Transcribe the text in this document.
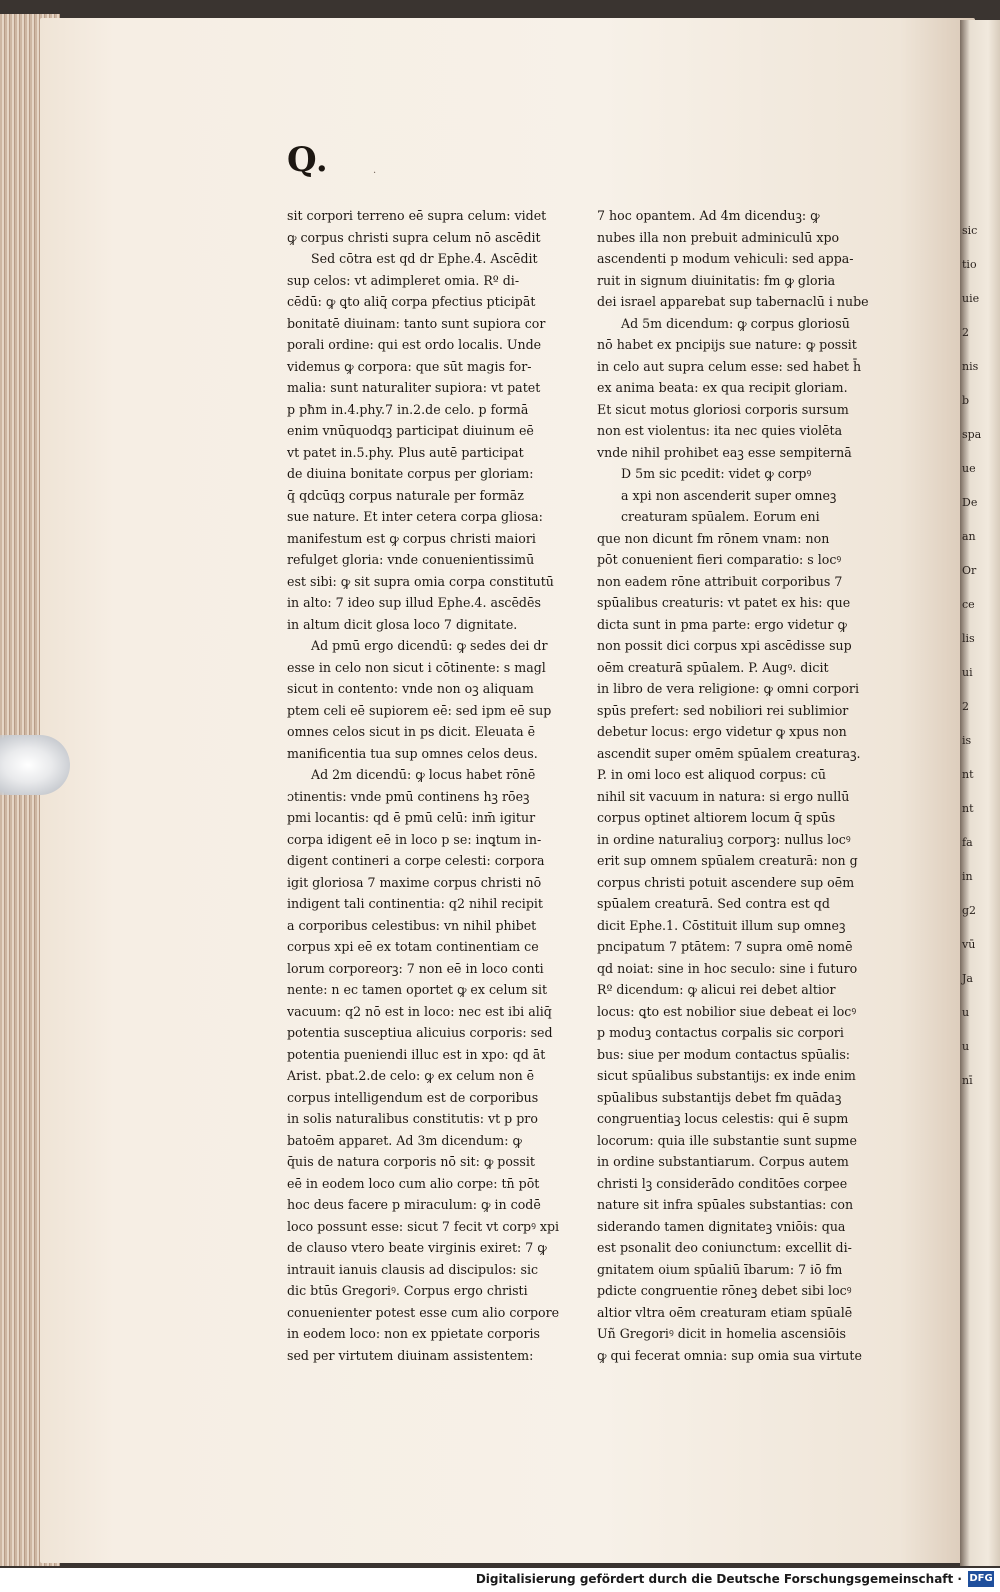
sic
tio
uie
2
nis
b
spa
ue
De
an
Or
ce
lis
ui
2
is
nt
nt
fa
in
g2
vū
Ja
u
u
nī
Q.	·
sit corpori terreno eē supra celum: videt
ꝙ corpus christi supra celum nō ascēdit
Sed cōtra est qd dr Ephe.4. Ascēdit
sup celos: vt adimpleret omia. Rº di-
cēdū: ꝙ ꝗto aliq̄ corpa pfectius pticipāt
bonitatē diuinam: tanto sunt supiora cor
porali ordine: qui est ordo localis. Unde
videmus ꝙ corpora: que sūt magis for-
malia: sunt naturaliter supiora: vt patet
p pħm in.4.phy.7 in.2.de celo. p formā
enim vnūquodqꝫ participat diuinum eē
vt patet in.5.phy. Plus autē participat
de diuina bonitate corpus per gloriam:
q̄ qdcūqꝫ corpus naturale per formāz
sue nature. Et inter cetera corpa gliosa:
manifestum est ꝙ corpus christi maiori
refulget gloria: vnde conuenientissimū
est sibi: ꝙ sit supra omia corpa constitutū
in alto: 7 ideo sup illud Ephe.4. ascēdēs
in altum dicit glosa loco 7 dignitate.
Ad pmū ergo dicendū: ꝙ sedes dei dr
esse in celo non sicut i cōtinente: s magl
sicut in contento: vnde non oꝫ aliquam
ptem celi eē supiorem eē: sed ipm eē sup
omnes celos sicut in ps dicit. Eleuata ē
manificentia tua sup omnes celos deus.
Ad 2m dicendū: ꝙ locus habet rōnē
ɔtinentis: vnde pmū continens hꝫ rōeꝫ
pmi locantis: qd ē pmū celū: inm̄ igitur
corpa idigent eē in loco p se: inꝗtum in-
digent contineri a corpe celesti: corpora
igit gloriosa 7 maxime corpus christi nō
indigent tali continentia: q2 nihil recipit
a corporibus celestibus: vn nihil phibet
corpus xpi eē ex totam continentiam ce
lorum corporeorꝫ: 7 non eē in loco conti
nente: n ec tamen oportet ꝙ ex celum sit
vacuum: q2 nō est in loco: nec est ibi aliq̄
potentia susceptiua alicuius corporis: sed
potentia pueniendi illuc est in xpo: qd āt
Arist. pbat.2.de celo: ꝙ ex celum non ē
corpus intelligendum est de corporibus
in solis naturalibus constitutis: vt p pro
batoēm apparet. Ad 3m dicendum: ꝙ
q̄uis de natura corporis nō sit: ꝙ possit
eē in eodem loco cum alio corpe: tn̄ pōt
hoc deus facere p miraculum: ꝙ in codē
loco possunt esse: sicut 7 fecit vt corpꝰ xpi
de clauso vtero beate virginis exiret: 7 ꝙ
intrauit ianuis clausis ad discipulos: sic
dic btūs Gregoriꝰ. Corpus ergo christi
conuenienter potest esse cum alio corpore
in eodem loco: non ex ppietate corporis
sed per virtutem diuinam assistentem:
7 hoc opantem. Ad 4m dicenduꝫ: ꝙ
nubes illa non prebuit adminiculū xpo
ascendenti p modum vehiculi: sed appa-
ruit in signum diuinitatis: fm ꝙ gloria
dei israel apparebat sup tabernaclū i nube
Ad 5m dicendum: ꝙ corpus gloriosū
nō habet ex pncipijs sue nature: ꝙ possit
in celo aut supra celum esse: sed habet h̄
ex anima beata: ex qua recipit gloriam.
Et sicut motus gloriosi corporis sursum
non est violentus: ita nec quies violēta
vnde nihil prohibet eaꝫ esse sempiternā
D 5m sic pcedit: videt ꝙ corpꝰ
a xpi non ascenderit super omneꝫ
creaturam spūalem. Eorum eni
que non dicunt fm rōnem vnam: non
pōt conuenient fieri comparatio: s locꝰ
non eadem rōne attribuit corporibus 7
spūalibus creaturis: vt patet ex his: que
dicta sunt in pma parte: ergo videtur ꝙ
non possit dici corpus xpi ascēdisse sup
oēm creaturā spūalem. P. Augꝰ. dicit
in libro de vera religione: ꝙ omni corpori
spūs prefert: sed nobiliori rei sublimior
debetur locus: ergo videtur ꝙ xpus non
ascendit super omēm spūalem creaturaꝫ.
P. in omi loco est aliquod corpus: cū
nihil sit vacuum in natura: si ergo nullū
corpus optinet altiorem locum q̄ spūs
in ordine naturaliuꝫ corporꝫ: nullus locꝰ
erit sup omnem spūalem creaturā: non g
corpus christi potuit ascendere sup oēm
spūalem creaturā. Sed contra est qd
dicit Ephe.1. Cōstituit illum sup omneꝫ
pncipatum 7 ptātem: 7 supra omē nomē
qd noiat: sine in hoc seculo: sine i futuro
Rº dicendum: ꝙ alicui rei debet altior
locus: ꝗto est nobilior siue debeat ei locꝰ
p moduꝫ contactus corpalis sic corpori
bus: siue per modum contactus spūalis:
sicut spūalibus substantijs: ex inde enim
spūalibus substantijs debet fm quādaꝫ
congruentiaꝫ locus celestis: qui ē supm
locorum: quia ille substantie sunt supme
in ordine substantiarum. Corpus autem
christi lꝫ considerādo conditōes corpee
nature sit infra spūales substantias: con
siderando tamen dignitateꝫ vniōis: qua
est psonalit deo coniunctum: excellit di-
gnitatem oium spūaliū ībarum: 7 iō fm
pdicte congruentie rōneꝫ debet sibi locꝰ
altior vltra oēm creaturam etiam spūalē
Uñ Gregoriꝰ dicit in homelia ascensiōis
ꝙ qui fecerat omnia: sup omia sua virtute
Digitalisierung gefördert durch die Deutsche Forschungsgemeinschaft · DFG
